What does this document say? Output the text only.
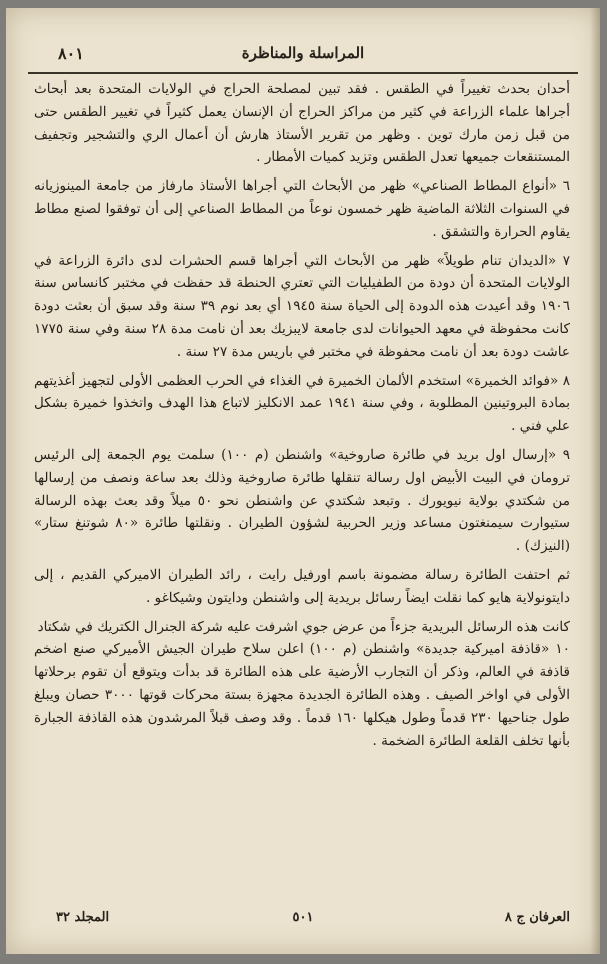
المراسلة والمناظرة
٨٠١

أحدان بحدث تغييراً في الطقس . فقد تبين لمصلحة الحراج في الولايات المتحدة بعد أبحاث أجراها علماء الزراعة في كثير من مراكز الحراج أن الإنسان يعمل كثيراً في تغيير الطقس حتى من قبل زمن مارك توين . وظهر من تقرير الأستاذ هارش أن أعمال الري والتشجير وتجفيف المستنقعات جميعها تعدل الطقس وتزيد كميات الأمطار .

٦ «أنواع المطاط الصناعي» ظهر من الأبحاث التي أجراها الأستاذ مارفاز من جامعة المينوزيانه في السنوات الثلاثة الماضية ظهر خمسون نوعاً من المطاط الصناعي إلى أن توفقوا لصنع مطاط يقاوم الحرارة والتشقق .

٧ «الديدان تنام طويلاً» ظهر من الأبحاث التي أجراها قسم الحشرات لدى دائرة الزراعة في الولايات المتحدة أن دودة من الطفيليات التي تعتري الحنطة قد حفظت في مختبر كانساس سنة ١٩٠٦ وقد أعيدت هذه الدودة إلى الحياة سنة ١٩٤٥ أي بعد نوم ٣٩ سنة وقد سبق أن بعثت دودة كانت محفوظة في معهد الحيوانات لدى جامعة لايبزيك بعد أن نامت مدة ٢٨ سنة وفي سنة ١٧٧٥ عاشت دودة بعد أن نامت محفوظة في مختبر في باريس مدة ٢٧ سنة .

٨ «فوائد الخميرة» استخدم الألمان الخميرة في الغذاء في الحرب العظمى الأولى لتجهيز أغذيتهم بمادة البروتينين المطلوبة ، وفي سنة ١٩٤١ عمد الانكليز لاتباع هذا الهدف واتخذوا خميرة بشكل علي فني .

٩ «إرسال اول بريد في طائرة صاروخية» واشنطن (م ١٠٠) سلمت يوم الجمعة إلى الرئيس ترومان في البيت الأبيض اول رسالة تنقلها طائرة صاروخية وذلك بعد ساعة ونصف من إرسالها من شكتدي بولاية نيويورك . وتبعد شكتدي عن واشنطن نحو ٥٠ ميلاً وقد بعث بهذه الرسالة ستيوارت سيمنغتون مساعد وزير الحربية لشؤون الطيران . ونقلتها طائرة «٨٠ شوتنغ ستار» (النيزك) .

ثم احتفت الطائرة رسالة مضمونة باسم اورفيل رايت ، رائد الطيران الاميركي القديم ، إلى دايتونولاية هايو كما نقلت ايضاً رسائل بريدية إلى واشنطن ودايتون وشيكاغو .

كانت هذه الرسائل البريدية جزءاً من عرض جوي اشرفت عليه شركة الجنرال الكتريك في شكتاد

١٠ «قاذفة اميركية جديدة» واشنطن (م ١٠٠) اعلن سلاح طيران الجيش الأميركي صنع اضخم قاذفة في العالم، وذكر أن التجارب الأرضية على هذه الطائرة قد بدأت ويتوقع أن تقوم برحلاتها الأولى في اواخر الصيف . وهذه الطائرة الجديدة مجهزة بستة محركات قوتها ٣٠٠٠ حصان ويبلغ طول جناحيها ٢٣٠ قدماً وطول هيكلها ١٦٠ قدماً . وقد وصف قبلاً المرشدون هذه القاذفة الجبارة بأنها تخلف القلعة الطائرة الضخمة .

العرفان ج ٨
٥٠١
المجلد ٣٢
